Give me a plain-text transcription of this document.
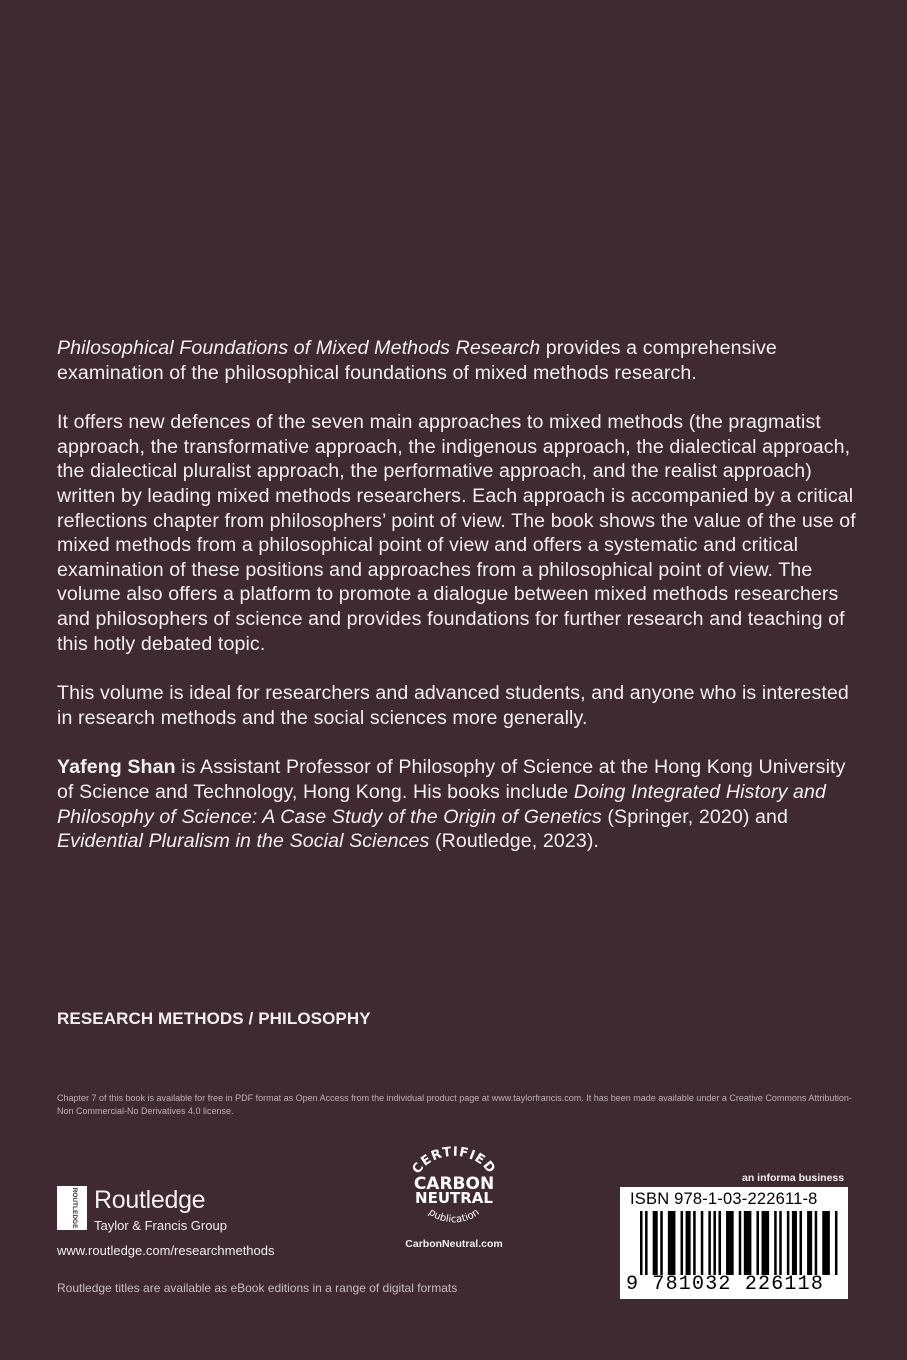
Philosophical Foundations of Mixed Methods Research provides a comprehensive examination of the philosophical foundations of mixed methods research.

It offers new defences of the seven main approaches to mixed methods (the pragmatist approach, the transformative approach, the indigenous approach, the dialectical approach, the dialectical pluralist approach, the performative approach, and the realist approach) written by leading mixed methods researchers. Each approach is accompanied by a critical reflections chapter from philosophers’ point of view. The book shows the value of the use of mixed methods from a philosophical point of view and offers a systematic and critical examination of these positions and approaches from a philosophical point of view. The volume also offers a platform to promote a dialogue between mixed methods researchers and philosophers of science and provides foundations for further research and teaching of this hotly debated topic.

This volume is ideal for researchers and advanced students, and anyone who is interested in research methods and the social sciences more generally.

Yafeng Shan is Assistant Professor of Philosophy of Science at the Hong Kong University of Science and Technology, Hong Kong. His books include Doing Integrated History and Philosophy of Science: A Case Study of the Origin of Genetics (Springer, 2020) and Evidential Pluralism in the Social Sciences (Routledge, 2023).

RESEARCH METHODS / PHILOSOPHY
Chapter 7 of this book is available for free in PDF format as Open Access from the individual product page at www.taylorfrancis.com. It has been made available under a Creative Commons Attribution-Non Commercial-No Derivatives 4.0 license.
ROUTLEDGE Routledge
Taylor & Francis Group
www.routledge.com/researchmethods
Routledge titles are available as eBook editions in a range of digital formats
CERTIFIED
CARBON
NEUTRAL
publication
CarbonNeutral.com
an informa business
ISBN 978-1-03-222611-8
9 781032 226118
